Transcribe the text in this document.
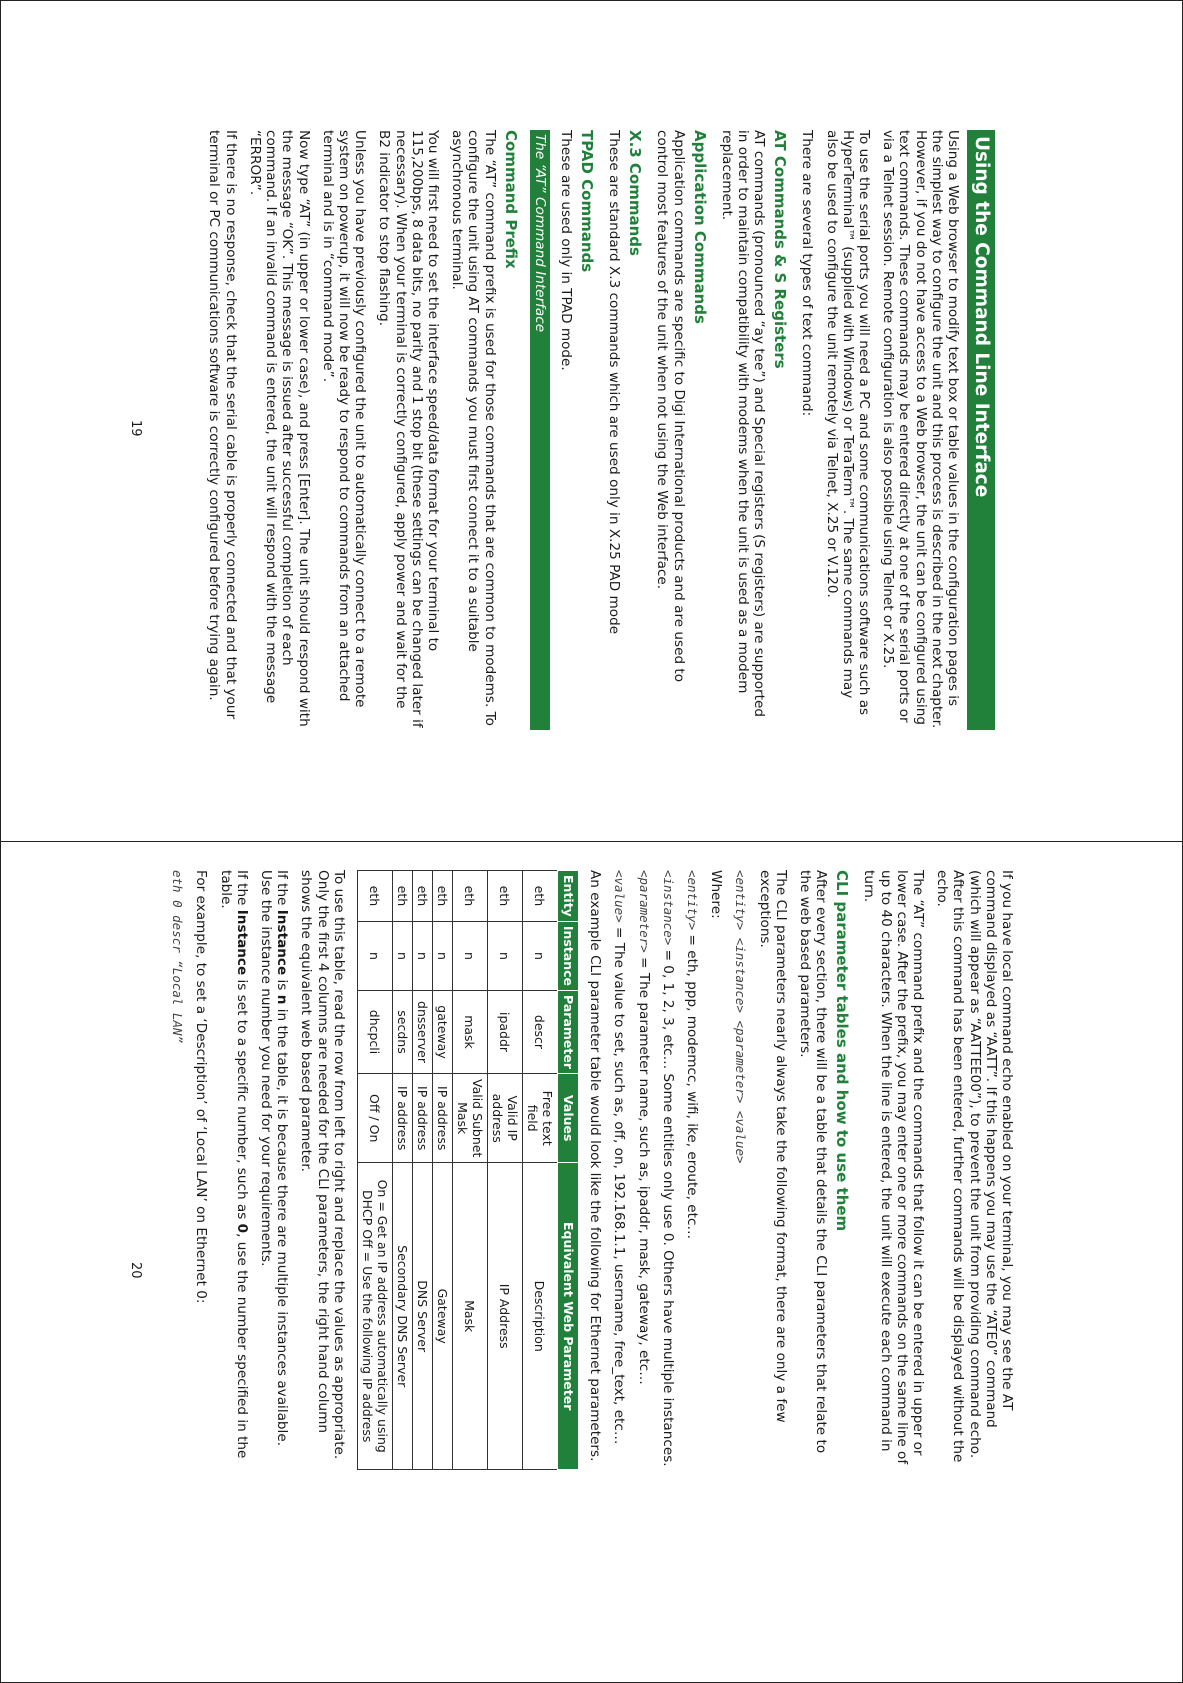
Using the Command Line Interface

Using a Web browser to modify text box or table values in the configuration pages is the simplest way to configure the unit and this process is described in the next chapter. However, if you do not have access to a Web browser, the unit can be configured using text commands. These commands may be entered directly at one of the serial ports or via a Telnet session. Remote configuration is also possible using Telnet or X.25.

To use the serial ports you will need a PC and some communications software such as HyperTerminal™ (supplied with Windows) or TeraTerm™. The same commands may also be used to configure the unit remotely via Telnet, X.25 or V.120.

There are several types of text command:

AT Commands & S Registers

AT commands (pronounced “ay tee”) and Special registers (S registers) are supported in order to maintain compatibility with modems when the unit is used as a modem replacement.

Application Commands

Application commands are specific to Digi International products and are used to control most features of the unit when not using the Web interface.

X.3 Commands

These are standard X.3 commands which are used only in X.25 PAD mode

TPAD Commands

These are used only in TPAD mode.

The “AT” Command Interface
Command Prefix

The “AT” command prefix is used for those commands that are common to modems. To configure the unit using AT commands you must first connect it to a suitable asynchronous terminal.

You will first need to set the interface speed/data format for your terminal to 115,200bps, 8 data bits, no parity and 1 stop bit (these settings can be changed later if necessary). When your terminal is correctly configured, apply power and wait for the B2 indicator to stop flashing.

Unless you have previously configured the unit to automatically connect to a remote system on powerup, it will now be ready to respond to commands from an attached terminal and is in “command mode”.

Now type “AT” (in upper or lower case), and press [Enter]. The unit should respond with the message “OK”. This message is issued after successful completion of each command. If an invalid command is entered, the unit will respond with the message “ERROR”.

If there is no response, check that the serial cable is properly connected and that your terminal or PC communications software is correctly configured before trying again.

19

If you have local command echo enabled on your terminal, you may see the AT command displayed as “AATT”. If this happens you may use the “ATE0” command (which will appear as “AATTEE00”), to prevent the unit from providing command echo. After this command has been entered, further commands will be displayed without the echo.

The “AT” command prefix and the commands that follow it can be entered in upper or lower case. After the prefix, you may enter one or more commands on the same line of up to 40 characters. When the line is entered, the unit will execute each command in turn.

CLI parameter tables and how to use them

After every section, there will be a table that details the CLI parameters that relate to the web based parameters.

The CLI parameters nearly always take the following format, there are only a few exceptions.

<entity> <instance> <parameter> <value>

Where:

<entity> = eth, ppp, modemcc, wifi, ike, eroute, etc…

<instance> = 0, 1, 2, 3, etc… Some entities only use 0. Others have multiple instances.

<parameter> = The parameter name, such as, ipaddr, mask, gateway, etc…

<value> = The value to set, such as, off, on, 192.168.1.1, username, free_text, etc…

An example CLI parameter table would look like the following for Ethernet parameters.

Entity	Instance	Parameter	Values	Equivalent Web Parameter
eth	n	descr	Free text field	Description
eth	n	ipaddr	Valid IP address	IP Address
eth	n	mask	Valid Subnet Mask	Mask
eth	n	gateway	IP address	Gateway
eth	n	dnsserver	IP address	DNS Server
eth	n	secdns	IP address	Secondary DNS Server
eth	n	dhcpcli	Off / On	On = Get an IP address automatically using DHCP Off = Use the following IP address

To use this table, read the row from left to right and replace the values as appropriate. Only the first 4 columns are needed for the CLI parameters, the right hand column shows the equivalent web based parameter.

If the Instance is n in the table, it is because there are multiple instances available. Use the instance number you need for your requirements.

If the Instance is set to a specific number, such as 0, use the number specified in the table.

For example, to set a ‘Description’ of ‘Local LAN’ on Ethernet 0:

eth 0 descr “Local LAN”

20
